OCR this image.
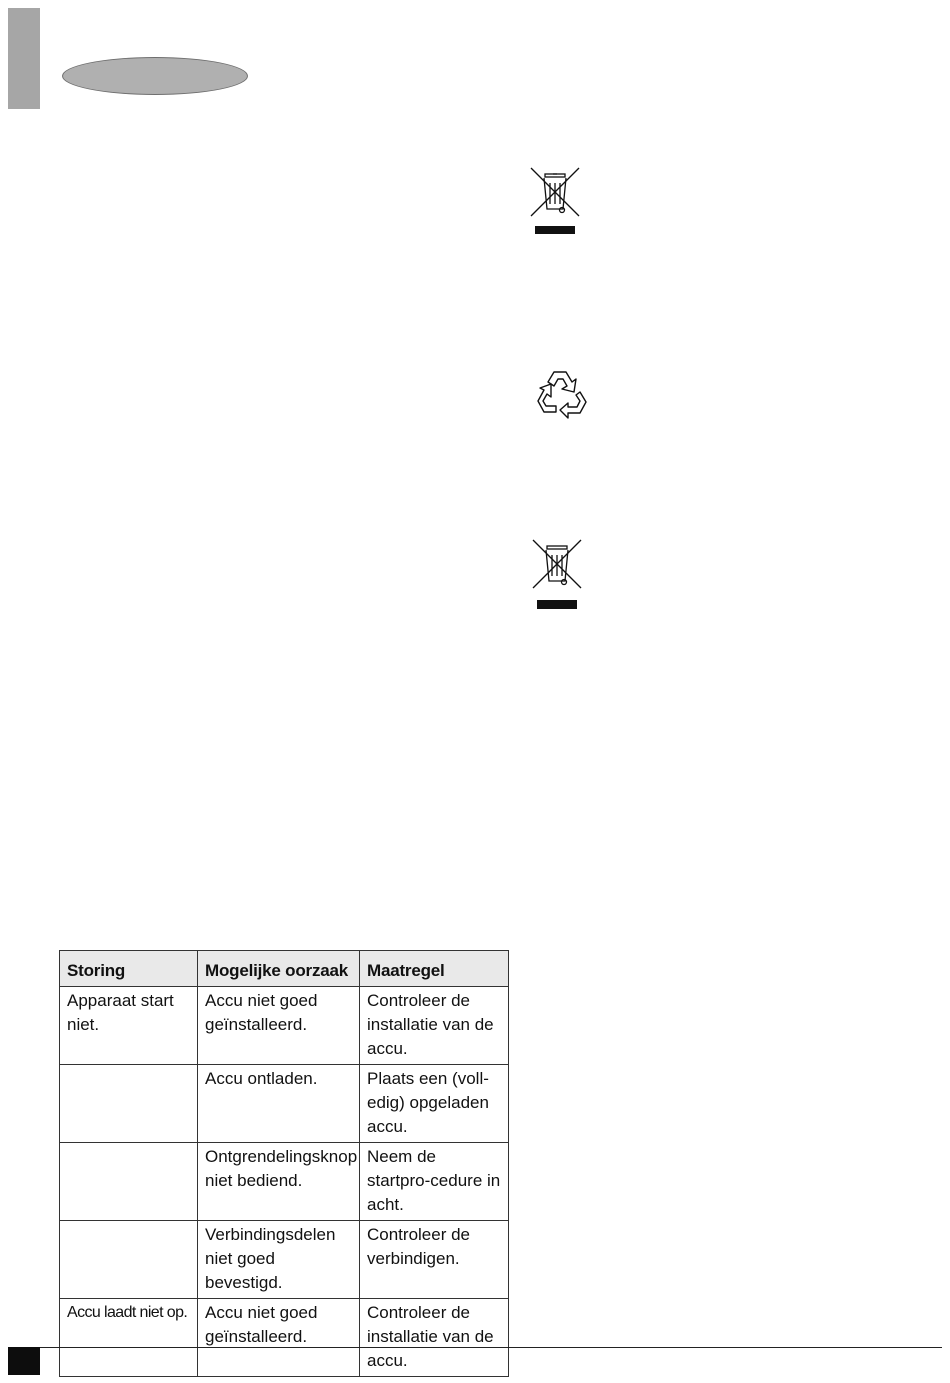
Storing	Mogelijke oorzaak	Maatregel
Apparaat start niet.	Accu niet goed geïnstalleerd.	Controleer de installatie van de accu.
	Accu ontladen.	Plaats een (voll-edig) opgeladen accu.
	Ontgrendelingsknop niet bediend.	Neem de startpro-cedure in acht.
	Verbindingsdelen niet goed bevestigd.	Controleer de verbindigen.
Accu laadt niet op.	Accu niet goed geïnstalleerd.	Controleer de installatie van de accu.
